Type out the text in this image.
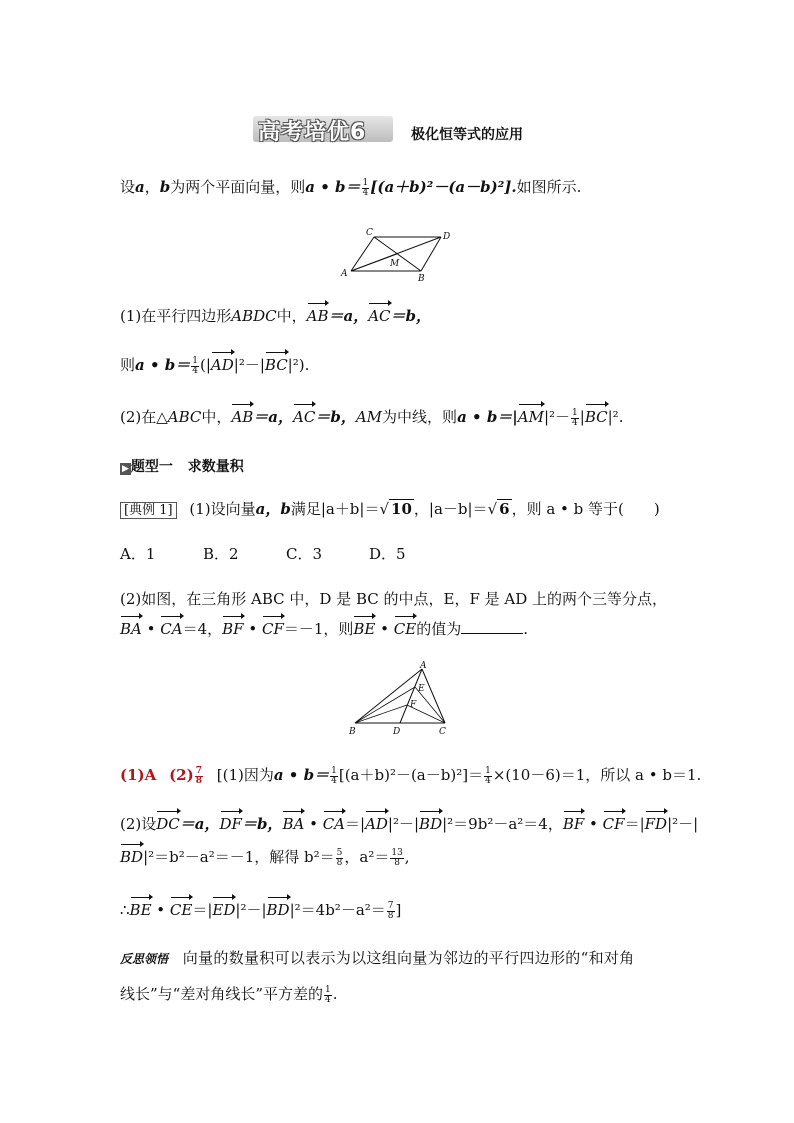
高考培优6	极化恒等式的应用
设a，b为两个平面向量，则a • $b= \frac{1}{4} [(a+b)^2-(a-b)^2]$.如图所示.
C	D
M
A	B
(1)在平行四边形ABDC中，AB＝a，AC＝b，
则a • $b= \frac{1}{4} (|AD|^2-|BC|^2)$.
(2)在△ABC中，AB＝a，AC＝b，AM为中线，则a • $b=|AM|^2- \frac{1}{4} |BC|^2$.
▶ 题型一 求数量积
[典例 1] (1)设向量a，b满足|a＋b|＝√ 10 ，|a－b|＝√ 6 ，则 a • b 等于(　　)
A．1	B．2	C．3	D．5
(2)如图，在三角形 ABC 中，D 是 BC 的中点，E，F 是 AD 上的两个三等分点，
BA • CA＝4，BF • CF＝－1，则BE • CE的值为	.
A
E
F
B	D	C
(1)A $(2) \frac{7}{8} [(1)$因为a • $b= \frac{1}{4} [(a+b)^2-(a-b)^2]= \frac{1}{4} \times(10-6)=1$，所以 a • b＝1.
(2)设DC＝a，DF＝b，BA • CA＝|AD|²－|BD|²＝9b²－a²＝4，BF • CF＝|FD|²－|
BD|²＝b²－a²＝－1，解得 $b^2= \frac{5}{8}$ ，$a^2= \frac{13}{8}$ ,
∴BE • $CE=|ED|^2-|BD|^2=4b^2-a^2= \frac{7}{8}$ ]
反思领悟 向量的数量积可以表示为以这组向量为邻边的平行四边形的“和对角
线长”与“差对角线长”平方差的 $\frac{1}{4}$ .
